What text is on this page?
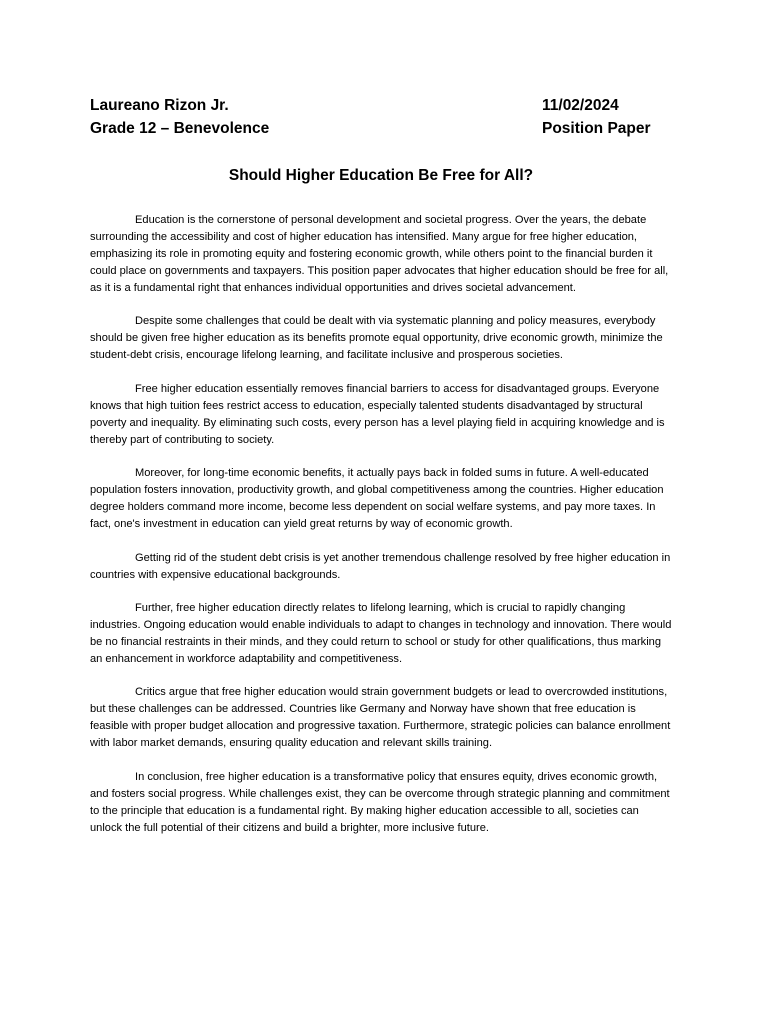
Laureano Rizon Jr.	11/02/2024
Grade 12 – Benevolence	Position Paper
Should Higher Education Be Free for All?

Education is the cornerstone of personal development and societal progress. Over the years, the debate surrounding the accessibility and cost of higher education has intensified. Many argue for free higher education, emphasizing its role in promoting equity and fostering economic growth, while others point to the financial burden it could place on governments and taxpayers. This position paper advocates that higher education should be free for all, as it is a fundamental right that enhances individual opportunities and drives societal advancement.

Despite some challenges that could be dealt with via systematic planning and policy measures, everybody should be given free higher education as its benefits promote equal opportunity, drive economic growth, minimize the student-debt crisis, encourage lifelong learning, and facilitate inclusive and prosperous societies.

Free higher education essentially removes financial barriers to access for disadvantaged groups. Everyone knows that high tuition fees restrict access to education, especially talented students disadvantaged by structural poverty and inequality. By eliminating such costs, every person has a level playing field in acquiring knowledge and is thereby part of contributing to society.

Moreover, for long-time economic benefits, it actually pays back in folded sums in future. A well-educated population fosters innovation, productivity growth, and global competitiveness among the countries. Higher education degree holders command more income, become less dependent on social welfare systems, and pay more taxes. In fact, one's investment in education can yield great returns by way of economic growth.

Getting rid of the student debt crisis is yet another tremendous challenge resolved by free higher education in countries with expensive educational backgrounds.

Further, free higher education directly relates to lifelong learning, which is crucial to rapidly changing industries. Ongoing education would enable individuals to adapt to changes in technology and innovation. There would be no financial restraints in their minds, and they could return to school or study for other qualifications, thus marking an enhancement in workforce adaptability and competitiveness.

Critics argue that free higher education would strain government budgets or lead to overcrowded institutions, but these challenges can be addressed. Countries like Germany and Norway have shown that free education is feasible with proper budget allocation and progressive taxation. Furthermore, strategic policies can balance enrollment with labor market demands, ensuring quality education and relevant skills training.

In conclusion, free higher education is a transformative policy that ensures equity, drives economic growth, and fosters social progress. While challenges exist, they can be overcome through strategic planning and commitment to the principle that education is a fundamental right. By making higher education accessible to all, societies can unlock the full potential of their citizens and build a brighter, more inclusive future.
